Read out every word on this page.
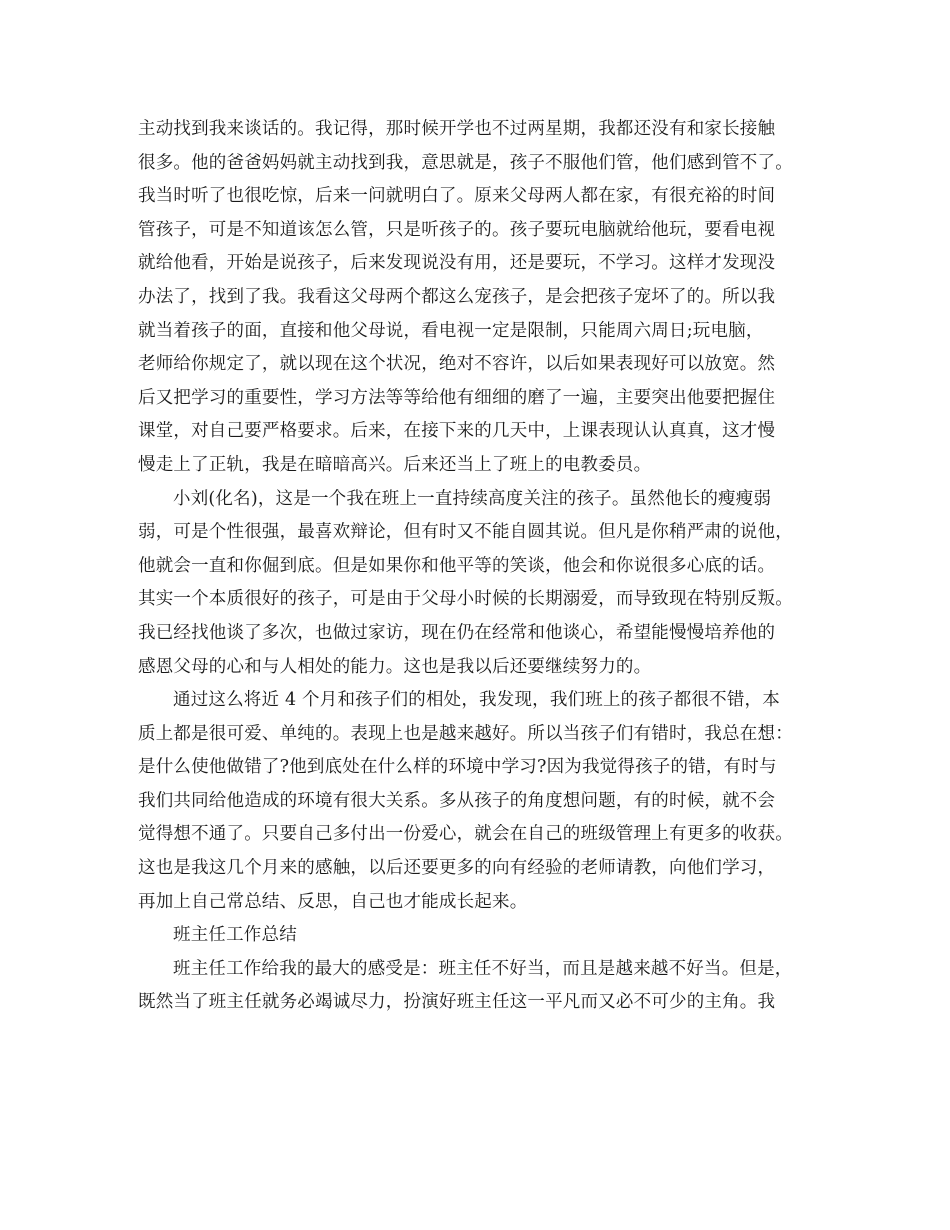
主动找到我来谈话的。我记得，那时候开学也不过两星期，我都还没有和家长接触
很多。他的爸爸妈妈就主动找到我，意思就是，孩子不服他们管，他们感到管不了。
我当时听了也很吃惊，后来一问就明白了。原来父母两人都在家，有很充裕的时间
管孩子，可是不知道该怎么管，只是听孩子的。孩子要玩电脑就给他玩，要看电视
就给他看，开始是说孩子，后来发现说没有用，还是要玩，不学习。这样才发现没
办法了，找到了我。我看这父母两个都这么宠孩子，是会把孩子宠坏了的。所以我
就当着孩子的面，直接和他父母说，看电视一定是限制，只能周六周日;玩电脑，
老师给你规定了，就以现在这个状况，绝对不容许，以后如果表现好可以放宽。然
后又把学习的重要性，学习方法等等给他有细细的磨了一遍，主要突出他要把握住
课堂，对自己要严格要求。后来，在接下来的几天中，上课表现认认真真，这才慢
慢走上了正轨，我是在暗暗高兴。后来还当上了班上的电教委员。
小刘(化名)，这是一个我在班上一直持续高度关注的孩子。虽然他长的瘦瘦弱
弱，可是个性很强，最喜欢辩论，但有时又不能自圆其说。但凡是你稍严肃的说他，
他就会一直和你倔到底。但是如果你和他平等的笑谈，他会和你说很多心底的话。
其实一个本质很好的孩子，可是由于父母小时候的长期溺爱，而导致现在特别反叛。
我已经找他谈了多次，也做过家访，现在仍在经常和他谈心，希望能慢慢培养他的
感恩父母的心和与人相处的能力。这也是我以后还要继续努力的。
通过这么将近 4 个月和孩子们的相处，我发现，我们班上的孩子都很不错，本
质上都是很可爱、单纯的。表现上也是越来越好。所以当孩子们有错时，我总在想：
是什么使他做错了?他到底处在什么样的环境中学习?因为我觉得孩子的错，有时与
我们共同给他造成的环境有很大关系。多从孩子的角度想问题，有的时候，就不会
觉得想不通了。只要自己多付出一份爱心，就会在自己的班级管理上有更多的收获。
这也是我这几个月来的感触，以后还要更多的向有经验的老师请教，向他们学习，
再加上自己常总结、反思，自己也才能成长起来。
班主任工作总结
班主任工作给我的最大的感受是：班主任不好当，而且是越来越不好当。但是，
既然当了班主任就务必竭诚尽力，扮演好班主任这一平凡而又必不可少的主角。我
